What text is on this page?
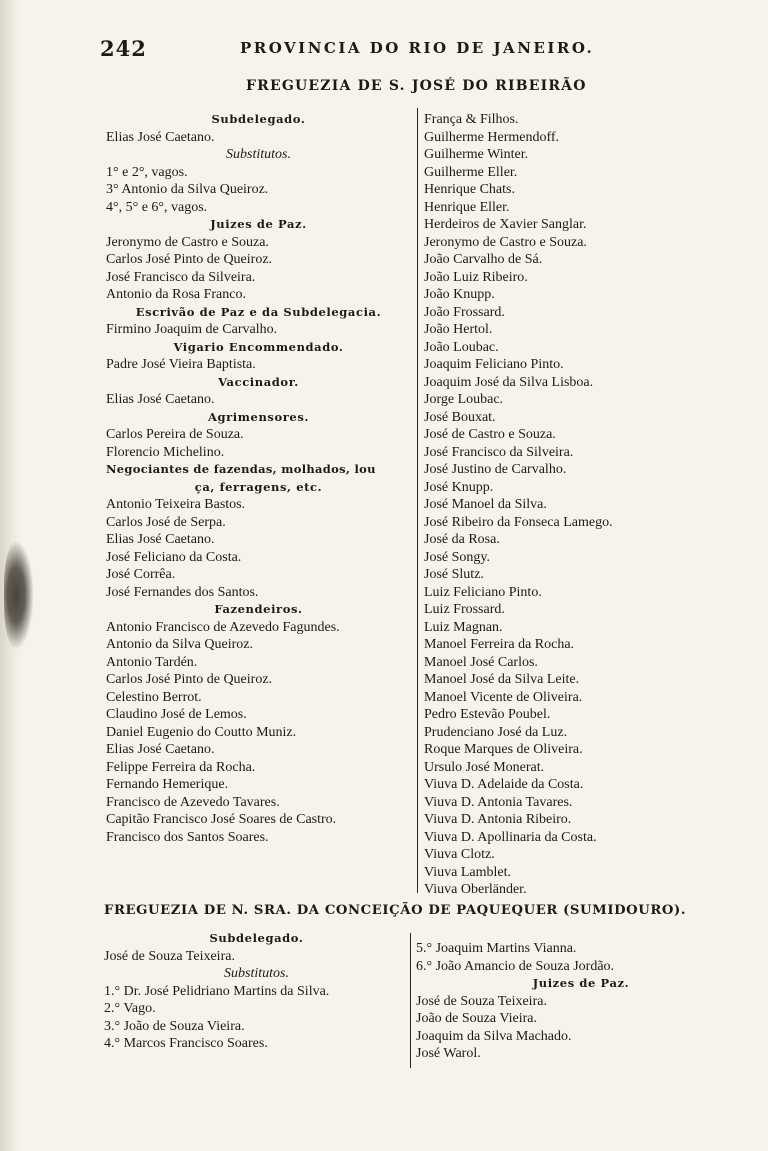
242	PROVINCIA DO RIO DE JANEIRO.
FREGUEZIA DE S. JOSÉ DO RIBEIRÃO
Subdelegado.
Elias José Caetano.
Substitutos.
1° e 2°, vagos.
3° Antonio da Silva Queiroz.
4°, 5° e 6°, vagos.
Juizes de Paz.
Jeronymo de Castro e Souza.
Carlos José Pinto de Queiroz.
José Francisco da Silveira.
Antonio da Rosa Franco.
Escrivão de Paz e da Subdelegacia.
Firmino Joaquim de Carvalho.
Vigario Encommendado.
Padre José Vieira Baptista.
Vaccinador.
Elias José Caetano.
Agrimensores.
Carlos Pereira de Souza.
Florencio Michelino.
Negociantes de fazendas, molhados, lou
ça, ferragens, etc.
Antonio Teixeira Bastos.
Carlos José de Serpa.
Elias José Caetano.
José Feliciano da Costa.
José Corrêa.
José Fernandes dos Santos.
Fazendeiros.
Antonio Francisco de Azevedo Fagundes.
Antonio da Silva Queiroz.
Antonio Tardén.
Carlos José Pinto de Queiroz.
Celestino Berrot.
Claudino José de Lemos.
Daniel Eugenio do Coutto Muniz.
Elias José Caetano.
Felippe Ferreira da Rocha.
Fernando Hemerique.
Francisco de Azevedo Tavares.
Capitão Francisco José Soares de Castro.
Francisco dos Santos Soares.
França & Filhos.
Guilherme Hermendoff.
Guilherme Winter.
Guilherme Eller.
Henrique Chats.
Henrique Eller.
Herdeiros de Xavier Sanglar.
Jeronymo de Castro e Souza.
João Carvalho de Sá.
João Luiz Ribeiro.
João Knupp.
João Frossard.
João Hertol.
João Loubac.
Joaquim Feliciano Pinto.
Joaquim José da Silva Lisboa.
Jorge Loubac.
José Bouxat.
José de Castro e Souza.
José Francisco da Silveira.
José Justino de Carvalho.
José Knupp.
José Manoel da Silva.
José Ribeiro da Fonseca Lamego.
José da Rosa.
José Songy.
José Slutz.
Luiz Feliciano Pinto.
Luiz Frossard.
Luiz Magnan.
Manoel Ferreira da Rocha.
Manoel José Carlos.
Manoel José da Silva Leite.
Manoel Vicente de Oliveira.
Pedro Estevão Poubel.
Prudenciano José da Luz.
Roque Marques de Oliveira.
Ursulo José Monerat.
Viuva D. Adelaide da Costa.
Viuva D. Antonia Tavares.
Viuva D. Antonia Ribeiro.
Viuva D. Apollinaria da Costa.
Viuva Clotz.
Viuva Lamblet.
Viuva Oberländer.
FREGUEZIA DE N. SRA. DA CONCEIÇÃO DE PAQUEQUER (SUMIDOURO).
Subdelegado.
José de Souza Teixeira.
Substitutos.
1.° Dr. José Pelidriano Martins da Silva.
2.° Vago.
3.° João de Souza Vieira.
4.° Marcos Francisco Soares.
5.° Joaquim Martins Vianna.
6.° João Amancio de Souza Jordão.
Juizes de Paz.
José de Souza Teixeira.
João de Souza Vieira.
Joaquim da Silva Machado.
José Warol.
